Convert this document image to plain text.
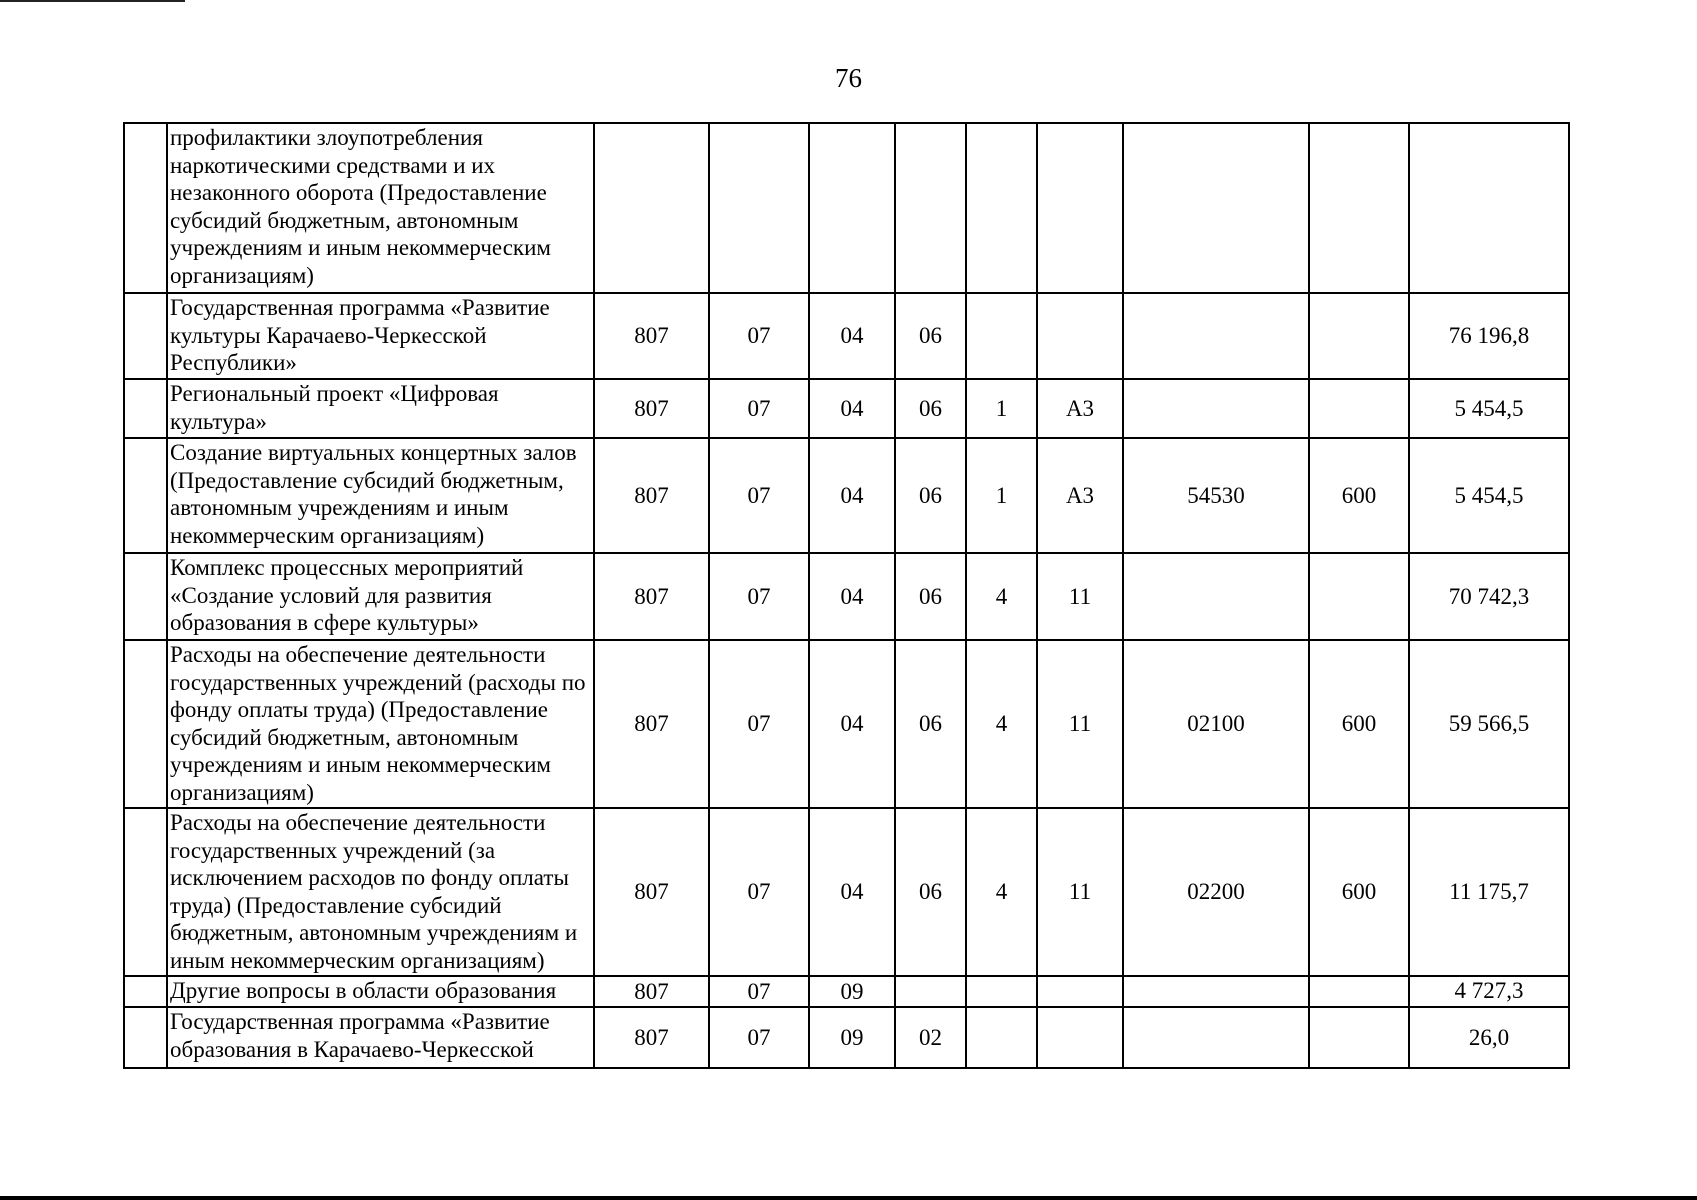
76
	профилактики злоупотребления наркотическими средствами и их незаконного оборота (Предоставление субсидий бюджетным, автономным учреждениям и иным некоммерческим организациям)									
	Государственная программа «Развитие культуры Карачаево-Черкесской Республики»	807	07	04	06					76 196,8
	Региональный проект «Цифровая культура»	807	07	04	06	1	А3			5 454,5
	Создание виртуальных концертных залов (Предоставление субсидий бюджетным, автономным учреждениям и иным некоммерческим организациям)	807	07	04	06	1	А3	54530	600	5 454,5
	Комплекс процессных мероприятий «Создание условий для развития образования в сфере культуры»	807	07	04	06	4	11			70 742,3
	Расходы на обеспечение деятельности государственных учреждений (расходы по фонду оплаты труда) (Предоставление субсидий бюджетным, автономным учреждениям и иным некоммерческим организациям)	807	07	04	06	4	11	02100	600	59 566,5
	Расходы на обеспечение деятельности государственных учреждений (за исключением расходов по фонду оплаты труда) (Предоставление субсидий бюджетным, автономным учреждениям и иным некоммерческим организациям)	807	07	04	06	4	11	02200	600	11 175,7
	Другие вопросы в области образования	807	07	09						4 727,3
	Государственная программа «Развитие образования в Карачаево-Черкесской	807	07	09	02					26,0
